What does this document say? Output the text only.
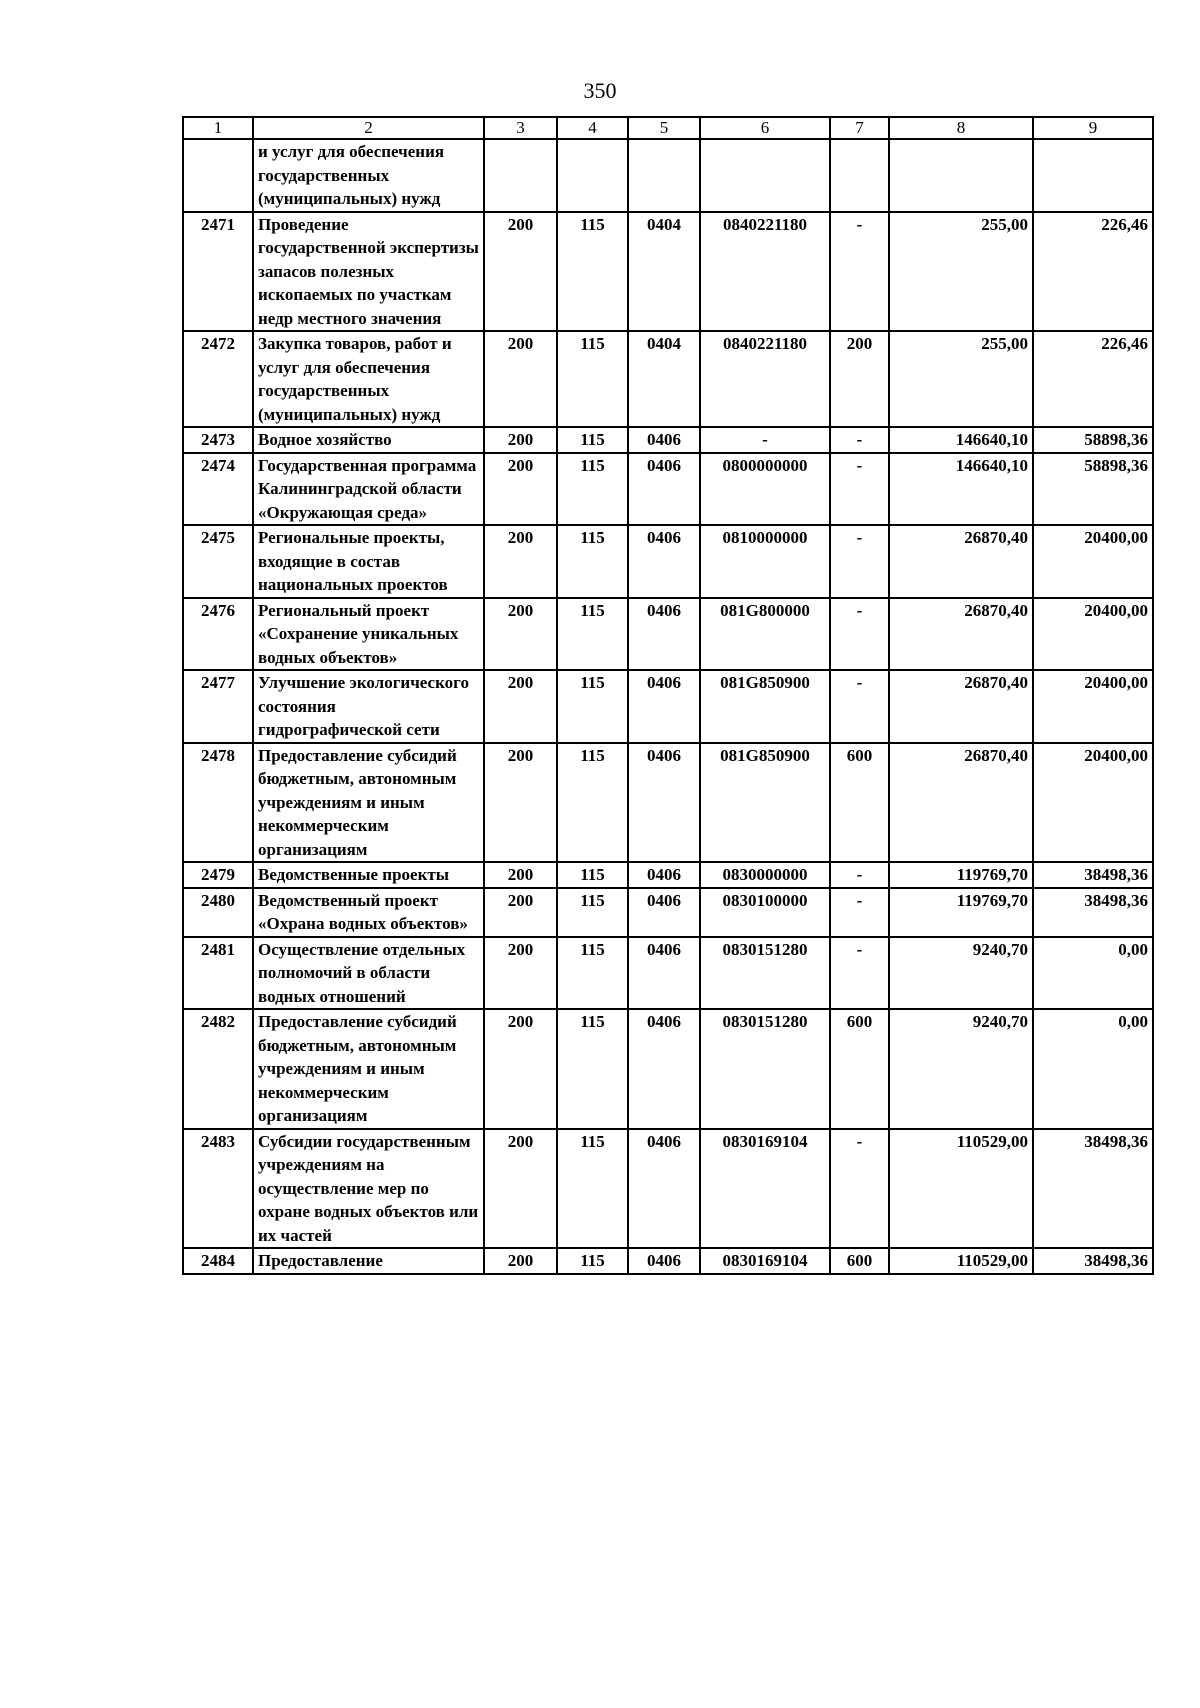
350
1	2	3	4	5	6	7	8	9
	и услуг для обеспечения государственных (муниципальных) нужд							
2471	Проведение государственной экспертизы запасов полезных ископаемых по участкам недр местного значения	200	115	0404	0840221180	-	255,00	226,46
2472	Закупка товаров, работ и услуг для обеспечения государственных (муниципальных) нужд	200	115	0404	0840221180	200	255,00	226,46
2473	Водное хозяйство	200	115	0406	-	-	146640,10	58898,36
2474	Государственная программа Калининградской области «Окружающая среда»	200	115	0406	0800000000	-	146640,10	58898,36
2475	Региональные проекты, входящие в состав национальных проектов	200	115	0406	0810000000	-	26870,40	20400,00
2476	Региональный проект «Сохранение уникальных водных объектов»	200	115	0406	081G800000	-	26870,40	20400,00
2477	Улучшение экологического состояния гидрографической сети	200	115	0406	081G850900	-	26870,40	20400,00
2478	Предоставление субсидий бюджетным, автономным учреждениям и иным некоммерческим организациям	200	115	0406	081G850900	600	26870,40	20400,00
2479	Ведомственные проекты	200	115	0406	0830000000	-	119769,70	38498,36
2480	Ведомственный проект «Охрана водных объектов»	200	115	0406	0830100000	-	119769,70	38498,36
2481	Осуществление отдельных полномочий в области водных отношений	200	115	0406	0830151280	-	9240,70	0,00
2482	Предоставление субсидий бюджетным, автономным учреждениям и иным некоммерческим организациям	200	115	0406	0830151280	600	9240,70	0,00
2483	Субсидии государственным учреждениям на осуществление мер по охране водных объектов или их частей	200	115	0406	0830169104	-	110529,00	38498,36
2484	Предоставление	200	115	0406	0830169104	600	110529,00	38498,36
